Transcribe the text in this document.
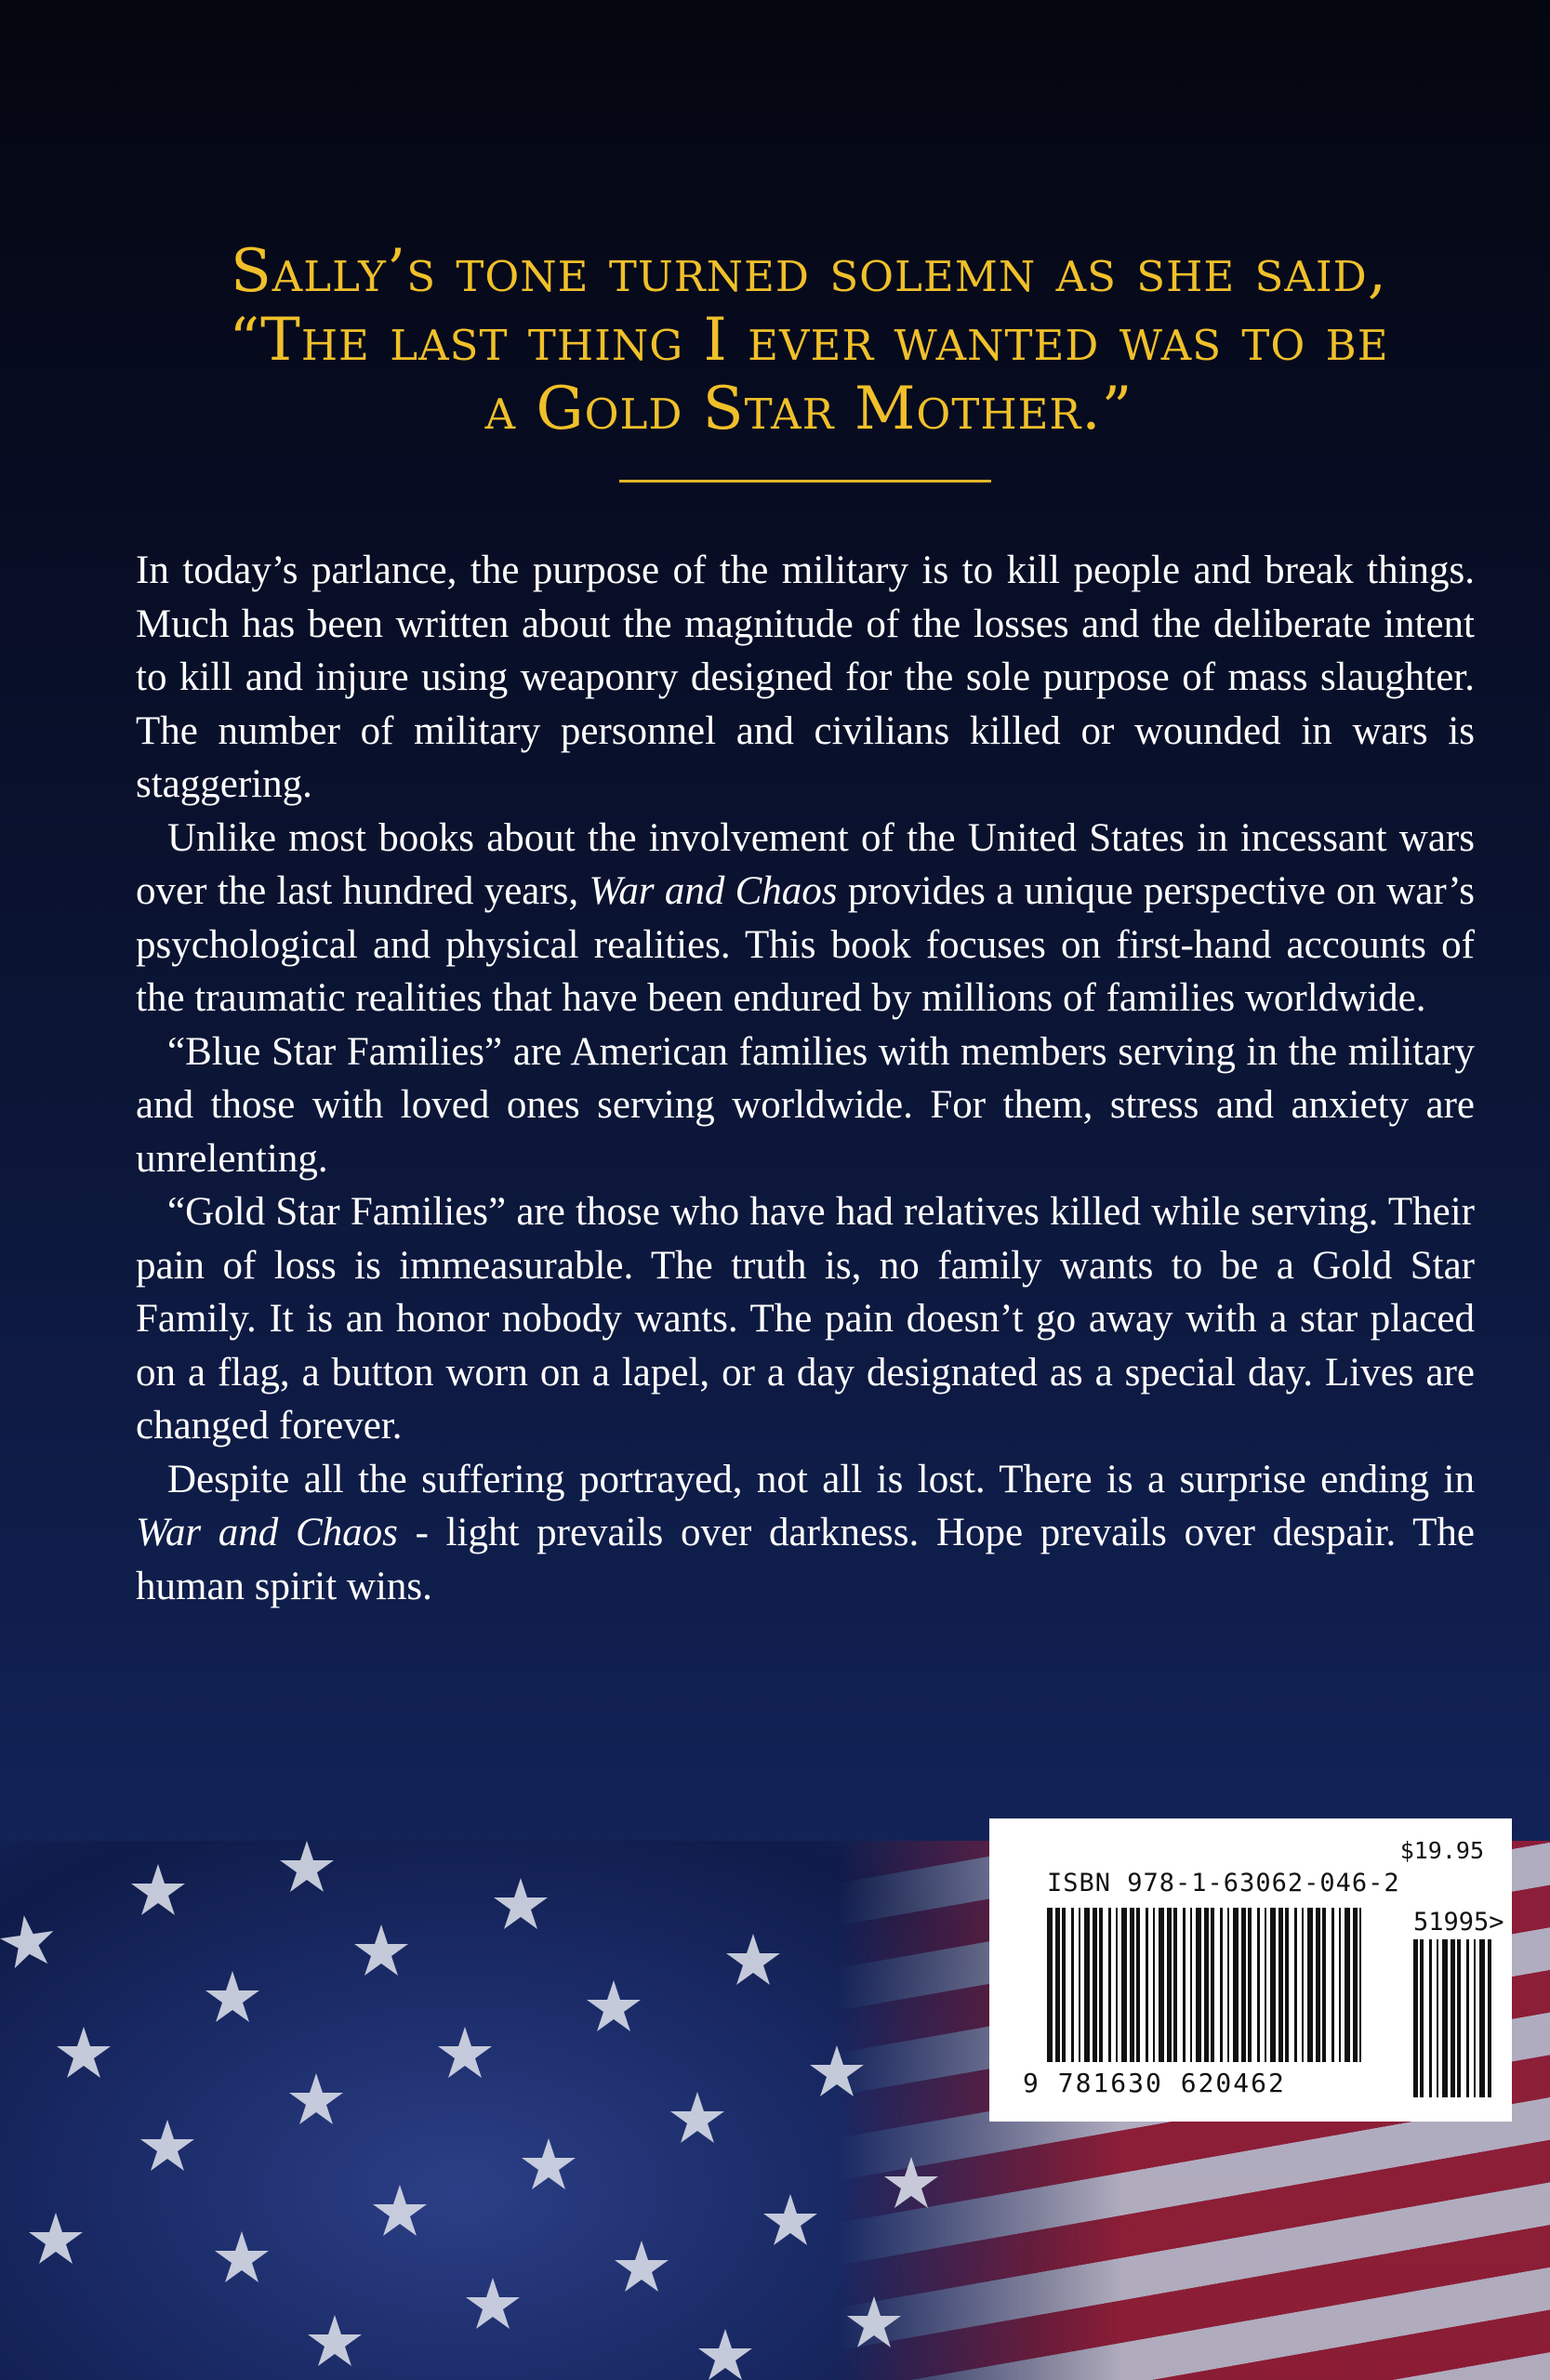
Sally’s tone turned solemn as she said,
“The last thing I ever wanted was to be
a Gold Star Mother.”

In today’s parlance, the purpose of the military is to kill people and break things. Much has been written about the magnitude of the losses and the deliberate intent to kill and injure using weaponry designed for the sole purpose of mass slaughter. The number of military personnel and civilians killed or wounded in wars is staggering.

Unlike most books about the involvement of the United States in incessant wars over the last hundred years, War and Chaos provides a unique perspective on war’s psychological and physical realities. This book focuses on first-hand accounts of the traumatic realities that have been endured by millions of families worldwide.

“Blue Star Families” are American families with members serving in the military and those with loved ones serving worldwide. For them, stress and anxiety are unrelenting.

“Gold Star Families” are those who have had relatives killed while serving. Their pain of loss is immeasurable. The truth is, no family wants to be a Gold Star Family. It is an honor nobody wants. The pain doesn’t go away with a star placed on a flag, a button worn on a lapel, or a day designated as a special day. Lives are changed forever.

Despite all the suffering portrayed, not all is lost. There is a surprise ending in War and Chaos - light prevails over darkness. Hope prevails over despair. The human spirit wins.

$19.95
ISBN 978-1-63062-046-2
51995>
9 781630 620462
